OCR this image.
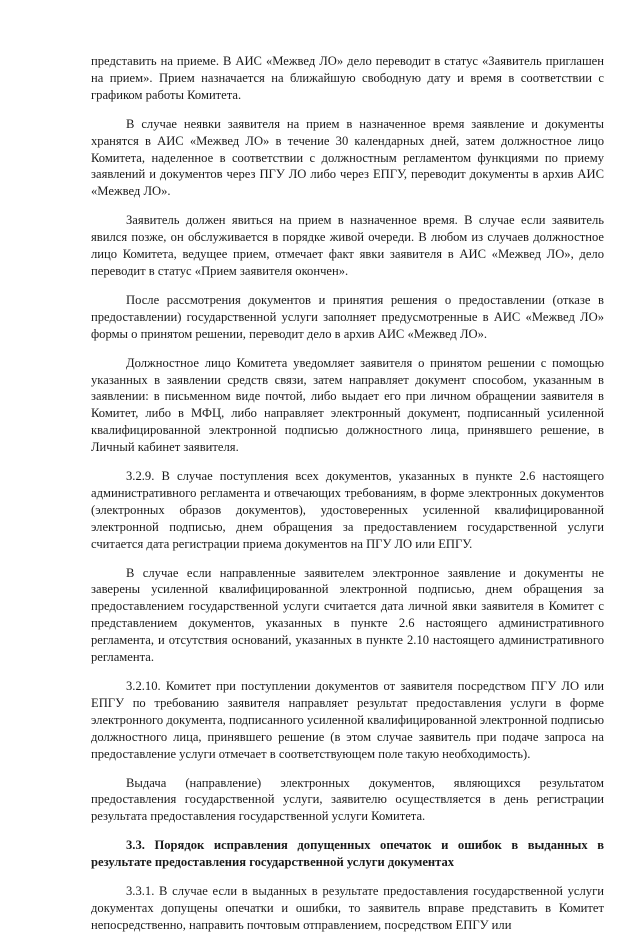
представить на приеме. В АИС «Межвед ЛО» дело переводит в статус «Заявитель приглашен на прием». Прием назначается на ближайшую свободную дату и время в соответствии с графиком работы Комитета.

В случае неявки заявителя на прием в назначенное время заявление и документы хранятся в АИС «Межвед ЛО» в течение 30 календарных дней, затем должностное лицо Комитета, наделенное в соответствии с должностным регламентом функциями по приему заявлений и документов через ПГУ ЛО либо через ЕПГУ, переводит документы в архив АИС «Межвед ЛО».

Заявитель должен явиться на прием в назначенное время. В случае если заявитель явился позже, он обслуживается в порядке живой очереди. В любом из случаев должностное лицо Комитета, ведущее прием, отмечает факт явки заявителя в АИС «Межвед ЛО», дело переводит в статус «Прием заявителя окончен».

После рассмотрения документов и принятия решения о предоставлении (отказе в предоставлении) государственной услуги заполняет предусмотренные в АИС «Межвед ЛО» формы о принятом решении, переводит дело в архив АИС «Межвед ЛО».

Должностное лицо Комитета уведомляет заявителя о принятом решении с помощью указанных в заявлении средств связи, затем направляет документ способом, указанным в заявлении: в письменном виде почтой, либо выдает его при личном обращении заявителя в Комитет, либо в МФЦ, либо направляет электронный документ, подписанный усиленной квалифицированной электронной подписью должностного лица, принявшего решение, в Личный кабинет заявителя.

3.2.9. В случае поступления всех документов, указанных в пункте 2.6 настоящего административного регламента и отвечающих требованиям, в форме электронных документов (электронных образов документов), удостоверенных усиленной квалифицированной электронной подписью, днем обращения за предоставлением государственной услуги считается дата регистрации приема документов на ПГУ ЛО или ЕПГУ.

В случае если направленные заявителем электронное заявление и документы не заверены усиленной квалифицированной электронной подписью, днем обращения за предоставлением государственной услуги считается дата личной явки заявителя в Комитет с представлением документов, указанных в пункте 2.6 настоящего административного регламента, и отсутствия оснований, указанных в пункте 2.10 настоящего административного регламента.

3.2.10. Комитет при поступлении документов от заявителя посредством ПГУ ЛО или ЕПГУ по требованию заявителя направляет результат предоставления услуги в форме электронного документа, подписанного усиленной квалифицированной электронной подписью должностного лица, принявшего решение (в этом случае заявитель при подаче запроса на предоставление услуги отмечает в соответствующем поле такую необходимость).

Выдача (направление) электронных документов, являющихся результатом предоставления государственной услуги, заявителю осуществляется в день регистрации результата предоставления государственной услуги Комитета.

3.3. Порядок исправления допущенных опечаток и ошибок в выданных в результате предоставления государственной услуги документах

3.3.1. В случае если в выданных в результате предоставления государственной услуги документах допущены опечатки и ошибки, то заявитель вправе представить в Комитет непосредственно, направить почтовым отправлением, посредством ЕПГУ или
